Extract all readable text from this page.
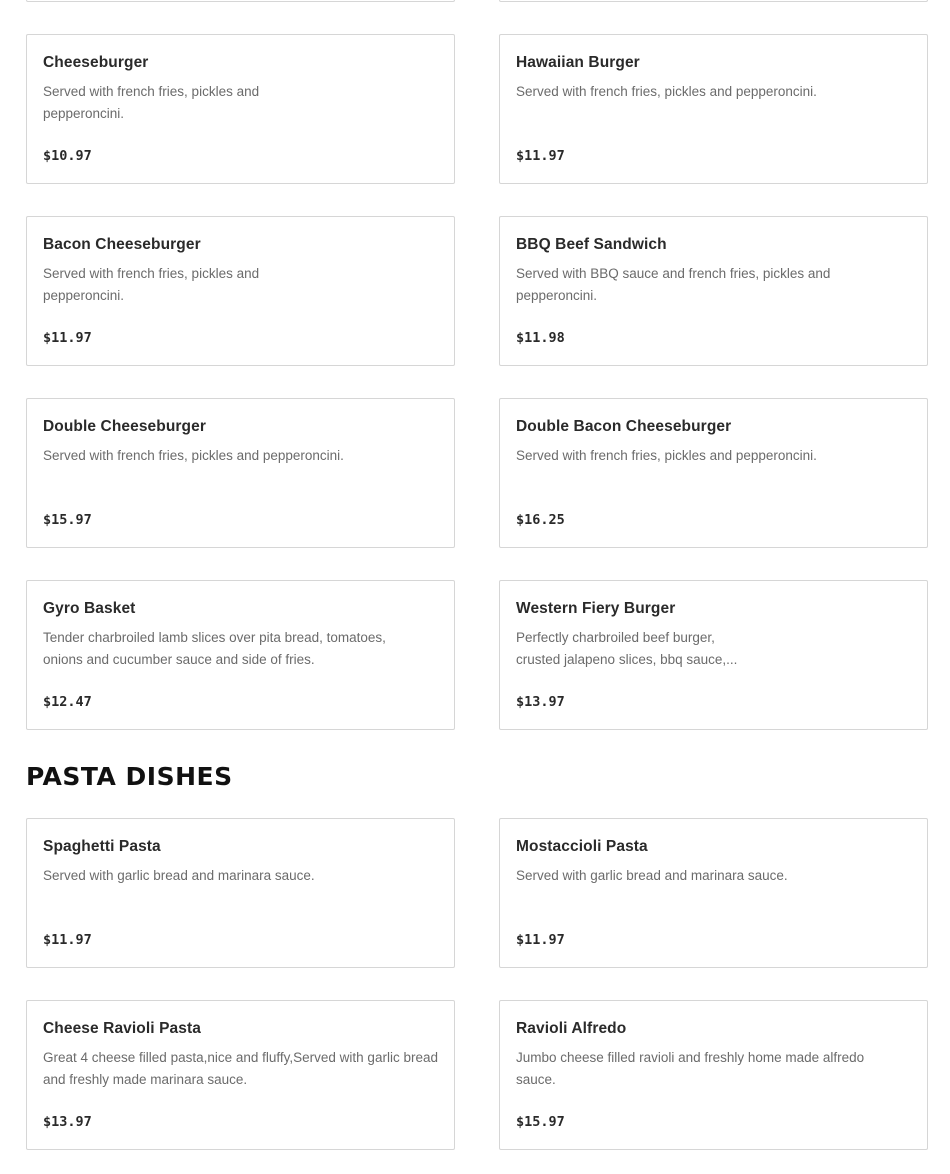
Cheeseburger
Served with french fries, pickles and pepperoncini.
$10.97
Hawaiian Burger
Served with french fries, pickles and pepperoncini.
$11.97
Bacon Cheeseburger
Served with french fries, pickles and pepperoncini.
$11.97
BBQ Beef Sandwich
Served with BBQ sauce and french fries, pickles and pepperoncini.
$11.98
Double Cheeseburger
Served with french fries, pickles and pepperoncini.
$15.97
Double Bacon Cheeseburger
Served with french fries, pickles and pepperoncini.
$16.25
Gyro Basket
Tender charbroiled lamb slices over pita bread, tomatoes, onions and cucumber sauce and side of fries.
$12.47
Western Fiery Burger
Perfectly charbroiled beef burger, crusted jalapeno slices, bbq sauce,...
$13.97
PASTA DISHES
Spaghetti Pasta
Served with garlic bread and marinara sauce.
$11.97
Mostaccioli Pasta
Served with garlic bread and marinara sauce.
$11.97
Cheese Ravioli Pasta
Great 4 cheese filled pasta,nice and fluffy,Served with garlic bread and freshly made marinara sauce.
$13.97
Ravioli Alfredo
Jumbo cheese filled ravioli and freshly home made alfredo sauce.
$15.97
